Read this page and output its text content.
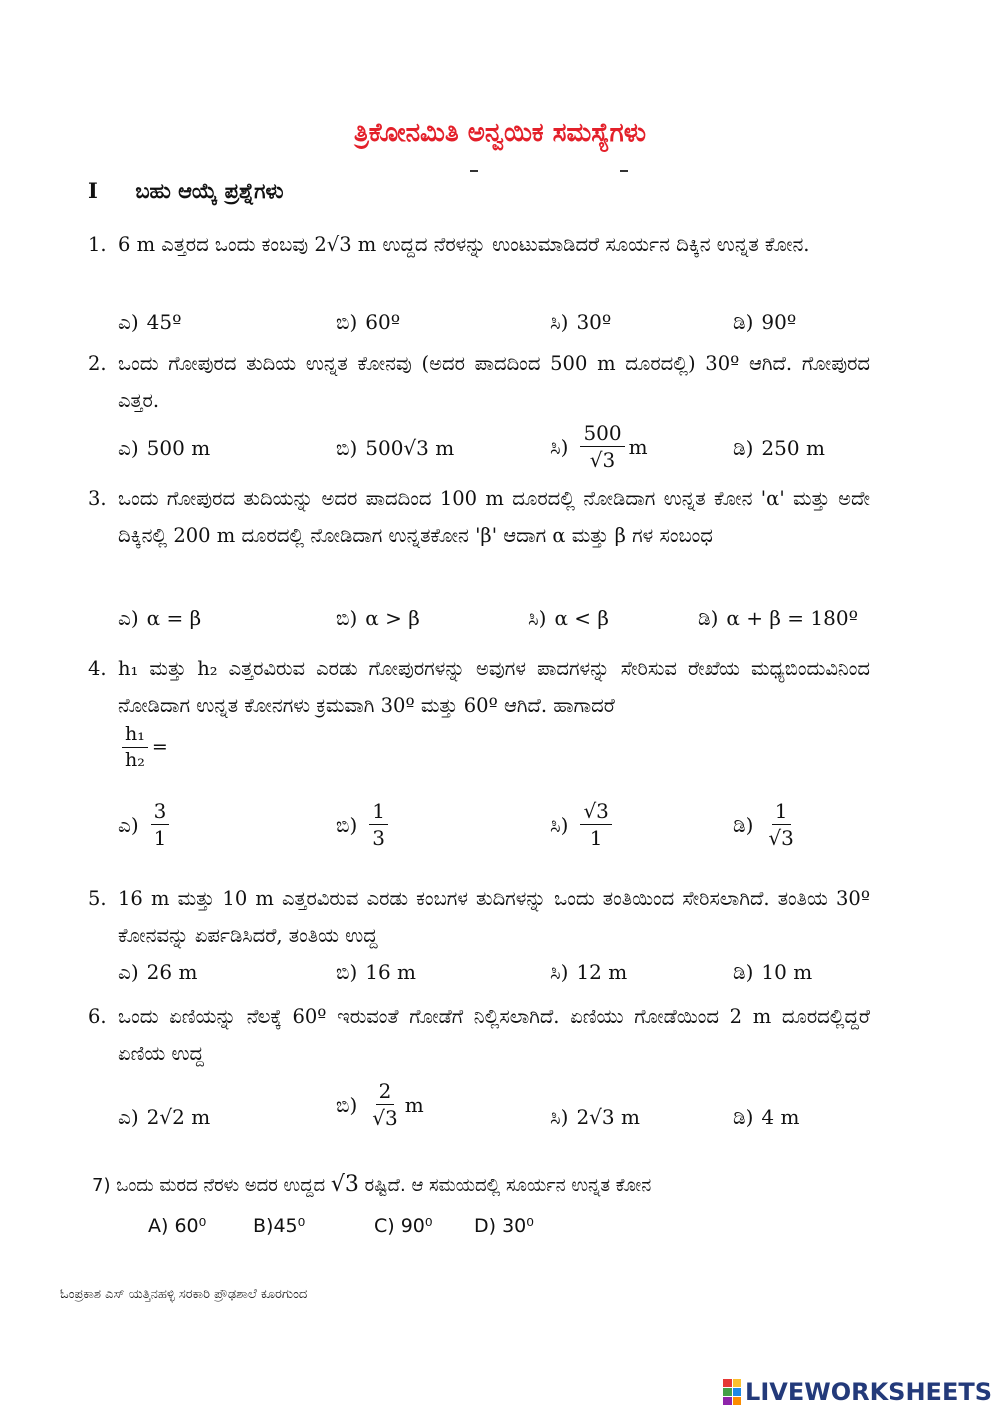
ತ್ರಿಕೋನಮಿತಿ ಅನ್ವಯಿಕ ಸಮಸ್ಯೆಗಳು
I ಬಹು ಆಯ್ಕೆ ಪ್ರಶ್ನೆಗಳು
1. 6 m ಎತ್ತರದ ಒಂದು ಕಂಬವು 2√3 m ಉದ್ದದ ನೆರಳನ್ನು ಉಂಟುಮಾಡಿದರೆ ಸೂರ್ಯನ ದಿಕ್ಕಿನ ಉನ್ನತ ಕೋನ.
ಎ) 45º	ಬಿ) 60º	ಸಿ) 30º	ಡಿ) 90º
2. ಒಂದು ಗೋಪುರದ ತುದಿಯ ಉನ್ನತ ಕೋನವು (ಅದರ ಪಾದದಿಂದ 500 m ದೂರದಲ್ಲಿ) 30º ಆಗಿದೆ. ಗೋಪುರದ ಎತ್ತರ.
ಎ) 500 m	ಬಿ) 500√3 m	ಸಿ) $\frac{500}{√3}$ m	ಡಿ) 250 m
3. ಒಂದು ಗೋಪುರದ ತುದಿಯನ್ನು ಅದರ ಪಾದದಿಂದ 100 m ದೂರದಲ್ಲಿ ನೋಡಿದಾಗ ಉನ್ನತ ಕೋನ 'α' ಮತ್ತು ಅದೇ ದಿಕ್ಕಿನಲ್ಲಿ 200 m ದೂರದಲ್ಲಿ ನೋಡಿದಾಗ ಉನ್ನತಕೋನ 'β' ಆದಾಗ α ಮತ್ತು β ಗಳ ಸಂಬಂಧ
ಎ) α = β	ಬಿ) α > β	ಸಿ) α < β	ಡಿ) α + β = 180º
4. h₁ ಮತ್ತು h₂ ಎತ್ತರವಿರುವ ಎರಡು ಗೋಪುರಗಳನ್ನು ಅವುಗಳ ಪಾದಗಳನ್ನು ಸೇರಿಸುವ ರೇಖೆಯ ಮಧ್ಯಬಿಂದುವಿನಿಂದ ನೋಡಿದಾಗ ಉನ್ನತ ಕೋನಗಳು ಕ್ರಮವಾಗಿ 30º ಮತ್ತು 60º ಆಗಿದೆ. ಹಾಗಾದರೆ
$\frac{\text{h₁}}{\text{h₂}}$ =
ಎ) $\frac{3}{1}$	ಬಿ) $\frac{1}{3}$	ಸಿ) $\frac{√3}{1}$	ಡಿ) $\frac{1}{√3}$
5. 16 m ಮತ್ತು 10 m ಎತ್ತರವಿರುವ ಎರಡು ಕಂಬಗಳ ತುದಿಗಳನ್ನು ಒಂದು ತಂತಿಯಿಂದ ಸೇರಿಸಲಾಗಿದೆ. ತಂತಿಯ 30º ಕೋನವನ್ನು ಏರ್ಪಡಿಸಿದರೆ, ತಂತಿಯ ಉದ್ದ
ಎ) 26 m	ಬಿ) 16 m	ಸಿ) 12 m	ಡಿ) 10 m
6. ಒಂದು ಏಣಿಯನ್ನು ನೆಲಕ್ಕೆ 60º ಇರುವಂತೆ ಗೋಡೆಗೆ ನಿಲ್ಲಿಸಲಾಗಿದೆ. ಏಣಿಯು ಗೋಡೆಯಿಂದ 2 m ದೂರದಲ್ಲಿದ್ದರೆ ಏಣಿಯ ಉದ್ದ
ಎ) 2√2 m
ಬಿ) $\frac{2}{√3}$ m
ಸಿ) 2√3 m	ಡಿ) 4 m
7) ಒಂದು ಮರದ ನೆರಳು ಅದರ ಉದ್ದದ √3 ರಷ್ಟಿದೆ. ಆ ಸಮಯದಲ್ಲಿ ಸೂರ್ಯನ ಉನ್ನತ ಕೋನ
A) 60⁰ B)45⁰	C) 90⁰ D) 30⁰
ಓಂಪ್ರಕಾಶ ಎಸ್ ಯತ್ತಿನಹಳ್ಳಿ ಸರಕಾರಿ ಪ್ರೌಢಶಾಲೆ ಕೂರಗುಂದ
LIVEWORKSHEETS
